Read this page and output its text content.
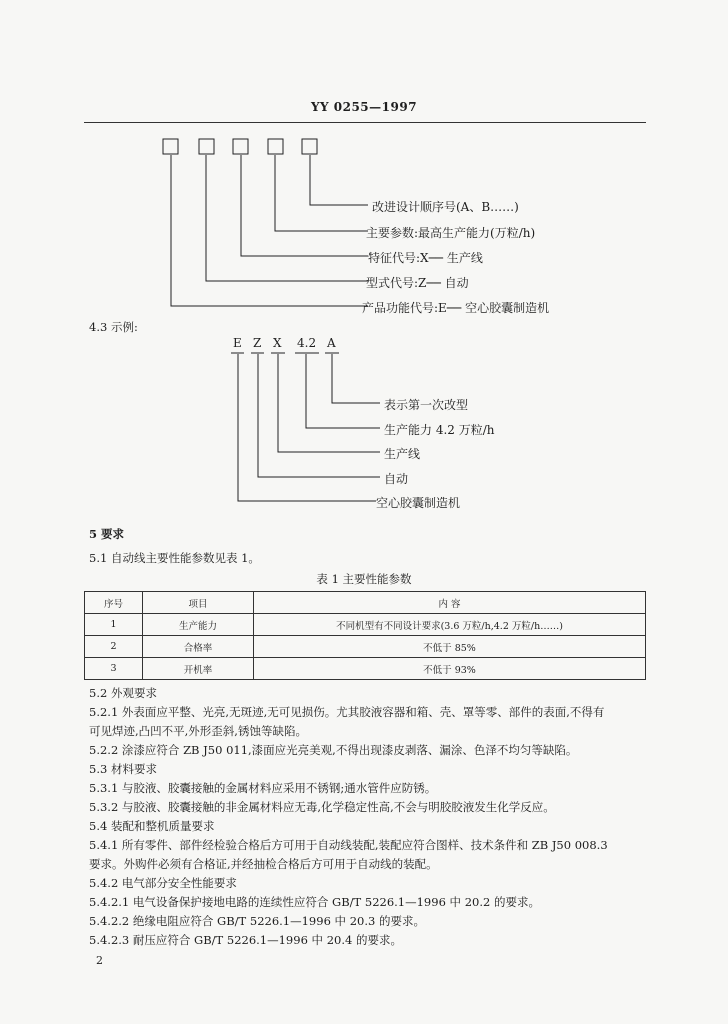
YY 0255—1997
改进设计顺序号(A、B……)
主要参数:最高生产能力(万粒/h)
特征代号:X── 生产线
型式代号:Z── 自动
产品功能代号:E── 空心胶囊制造机
4.3 示例:
E Z X 4.2 A
表示第一次改型
生产能力 4.2 万粒/h
生产线
自动
空心胶囊制造机
5 要求
5.1 自动线主要性能参数见表 1。
表 1 主要性能参数
序号	项目	内 容
1	生产能力	不同机型有不同设计要求(3.6 万粒/h,4.2 万粒/h……)
2	合格率	不低于 85%
3	开机率	不低于 93%
5.2 外观要求
5.2.1 外表面应平整、光亮,无斑迹,无可见损伤。尤其胶液容器和箱、壳、罩等零、部件的表面,不得有
可见焊迹,凸凹不平,外形歪斜,锈蚀等缺陷。
5.2.2 涂漆应符合 ZB J50 011,漆面应光亮美观,不得出现漆皮剥落、漏涂、色泽不均匀等缺陷。
5.3 材料要求
5.3.1 与胶液、胶囊接触的金属材料应采用不锈钢;通水管件应防锈。
5.3.2 与胶液、胶囊接触的非金属材料应无毒,化学稳定性高,不会与明胶胶液发生化学反应。
5.4 装配和整机质量要求
5.4.1 所有零件、部件经检验合格后方可用于自动线装配,装配应符合图样、技术条件和 ZB J50 008.3
要求。外购件必须有合格证,并经抽检合格后方可用于自动线的装配。
5.4.2 电气部分安全性能要求
5.4.2.1 电气设备保护接地电路的连续性应符合 GB/T 5226.1—1996 中 20.2 的要求。
5.4.2.2 绝缘电阻应符合 GB/T 5226.1—1996 中 20.3 的要求。
5.4.2.3 耐压应符合 GB/T 5226.1—1996 中 20.4 的要求。
2
